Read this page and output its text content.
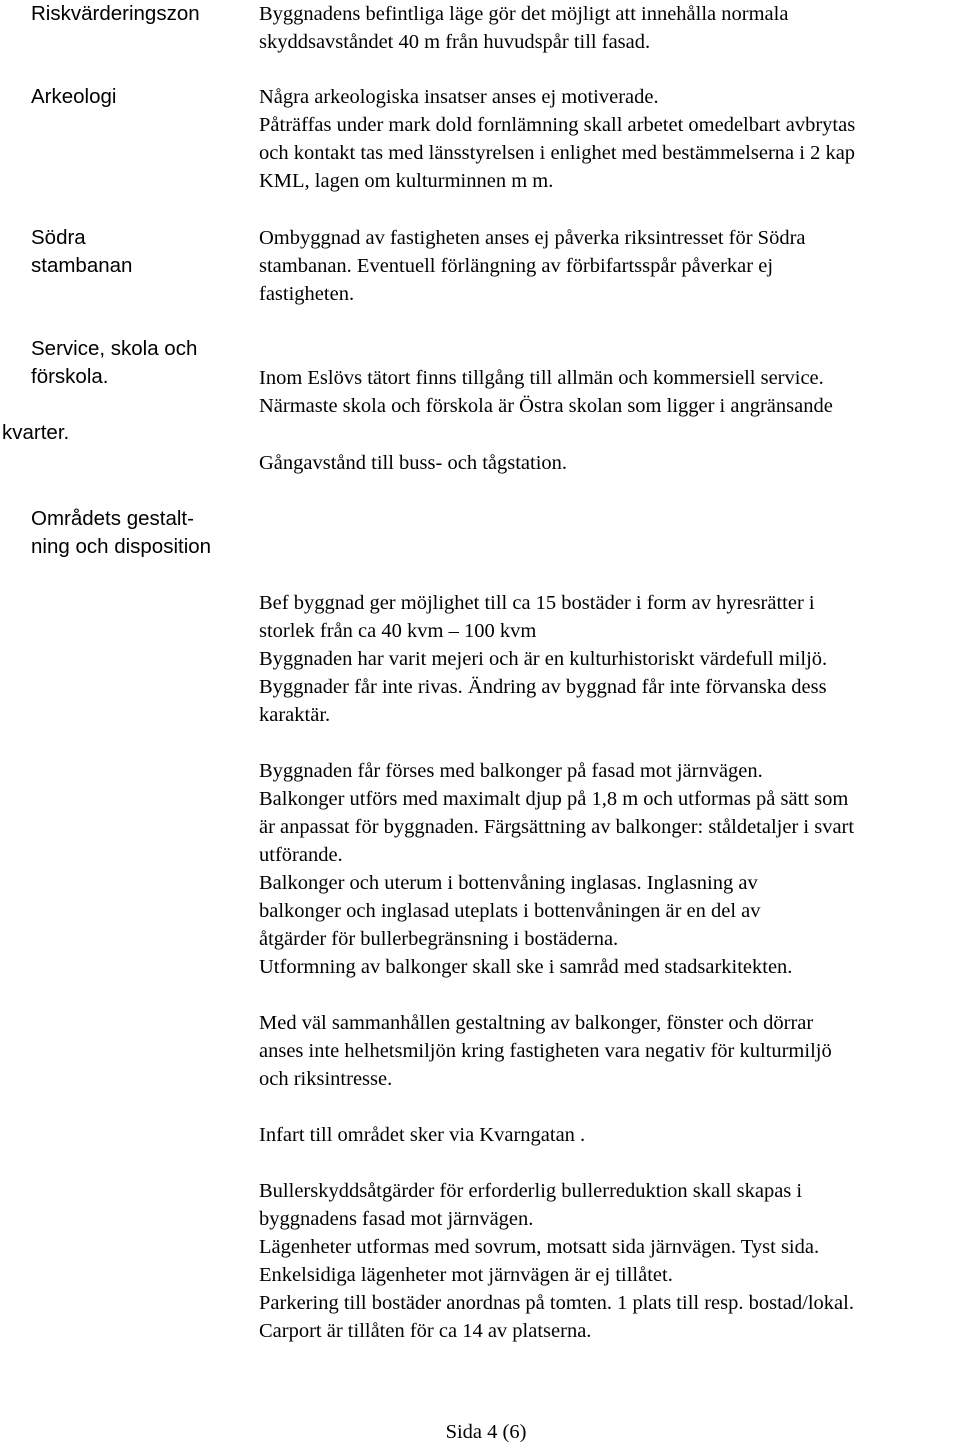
Riskvärderingszon
Arkeologi
Södra
stambanan
Service, skola och
förskola.
kvarter.
Områdets gestalt-
ning och disposition
Byggnadens befintliga läge gör det möjligt att innehålla normala
skyddsavståndet 40 m från huvudspår till fasad.
Några arkeologiska insatser anses ej motiverade.
Påträffas under mark dold fornlämning skall arbetet omedelbart avbrytas
och kontakt tas med länsstyrelsen i enlighet med bestämmelserna i 2 kap
KML, lagen om kulturminnen m m.
Ombyggnad av fastigheten anses ej påverka riksintresset för Södra
stambanan. Eventuell förlängning av förbifartsspår påverkar ej
fastigheten.
Inom Eslövs tätort finns tillgång till allmän och kommersiell service.
Närmaste skola och förskola är Östra skolan som ligger i angränsande
Gångavstånd till buss- och tågstation.
Bef byggnad ger möjlighet till ca 15 bostäder i form av hyresrätter i
storlek från ca 40 kvm – 100 kvm
Byggnaden har varit mejeri och är en kulturhistoriskt värdefull miljö.
Byggnader får inte rivas. Ändring av byggnad får inte förvanska dess
karaktär.
Byggnaden får förses med balkonger på fasad mot järnvägen.
Balkonger utförs med maximalt djup på 1,8 m och utformas på sätt som
är anpassat för byggnaden. Färgsättning av balkonger: ståldetaljer i svart
utförande.
Balkonger och uterum i bottenvåning inglasas. Inglasning av
balkonger och inglasad uteplats i bottenvåningen är en del av
åtgärder för bullerbegränsning i bostäderna.
Utformning av balkonger skall ske i samråd med stadsarkitekten.
Med väl sammanhållen gestaltning av balkonger, fönster och dörrar
anses inte helhetsmiljön kring fastigheten vara negativ för kulturmiljö
och riksintresse.
Infart till området sker via Kvarngatan .
Bullerskyddsåtgärder för erforderlig bullerreduktion skall skapas i
byggnadens fasad mot järnvägen.
Lägenheter utformas med sovrum, motsatt sida järnvägen. Tyst sida.
Enkelsidiga lägenheter mot järnvägen är ej tillåtet.
Parkering till bostäder anordnas på tomten. 1 plats till resp. bostad/lokal.
Carport är tillåten för ca 14 av platserna.
Sida 4 (6)
